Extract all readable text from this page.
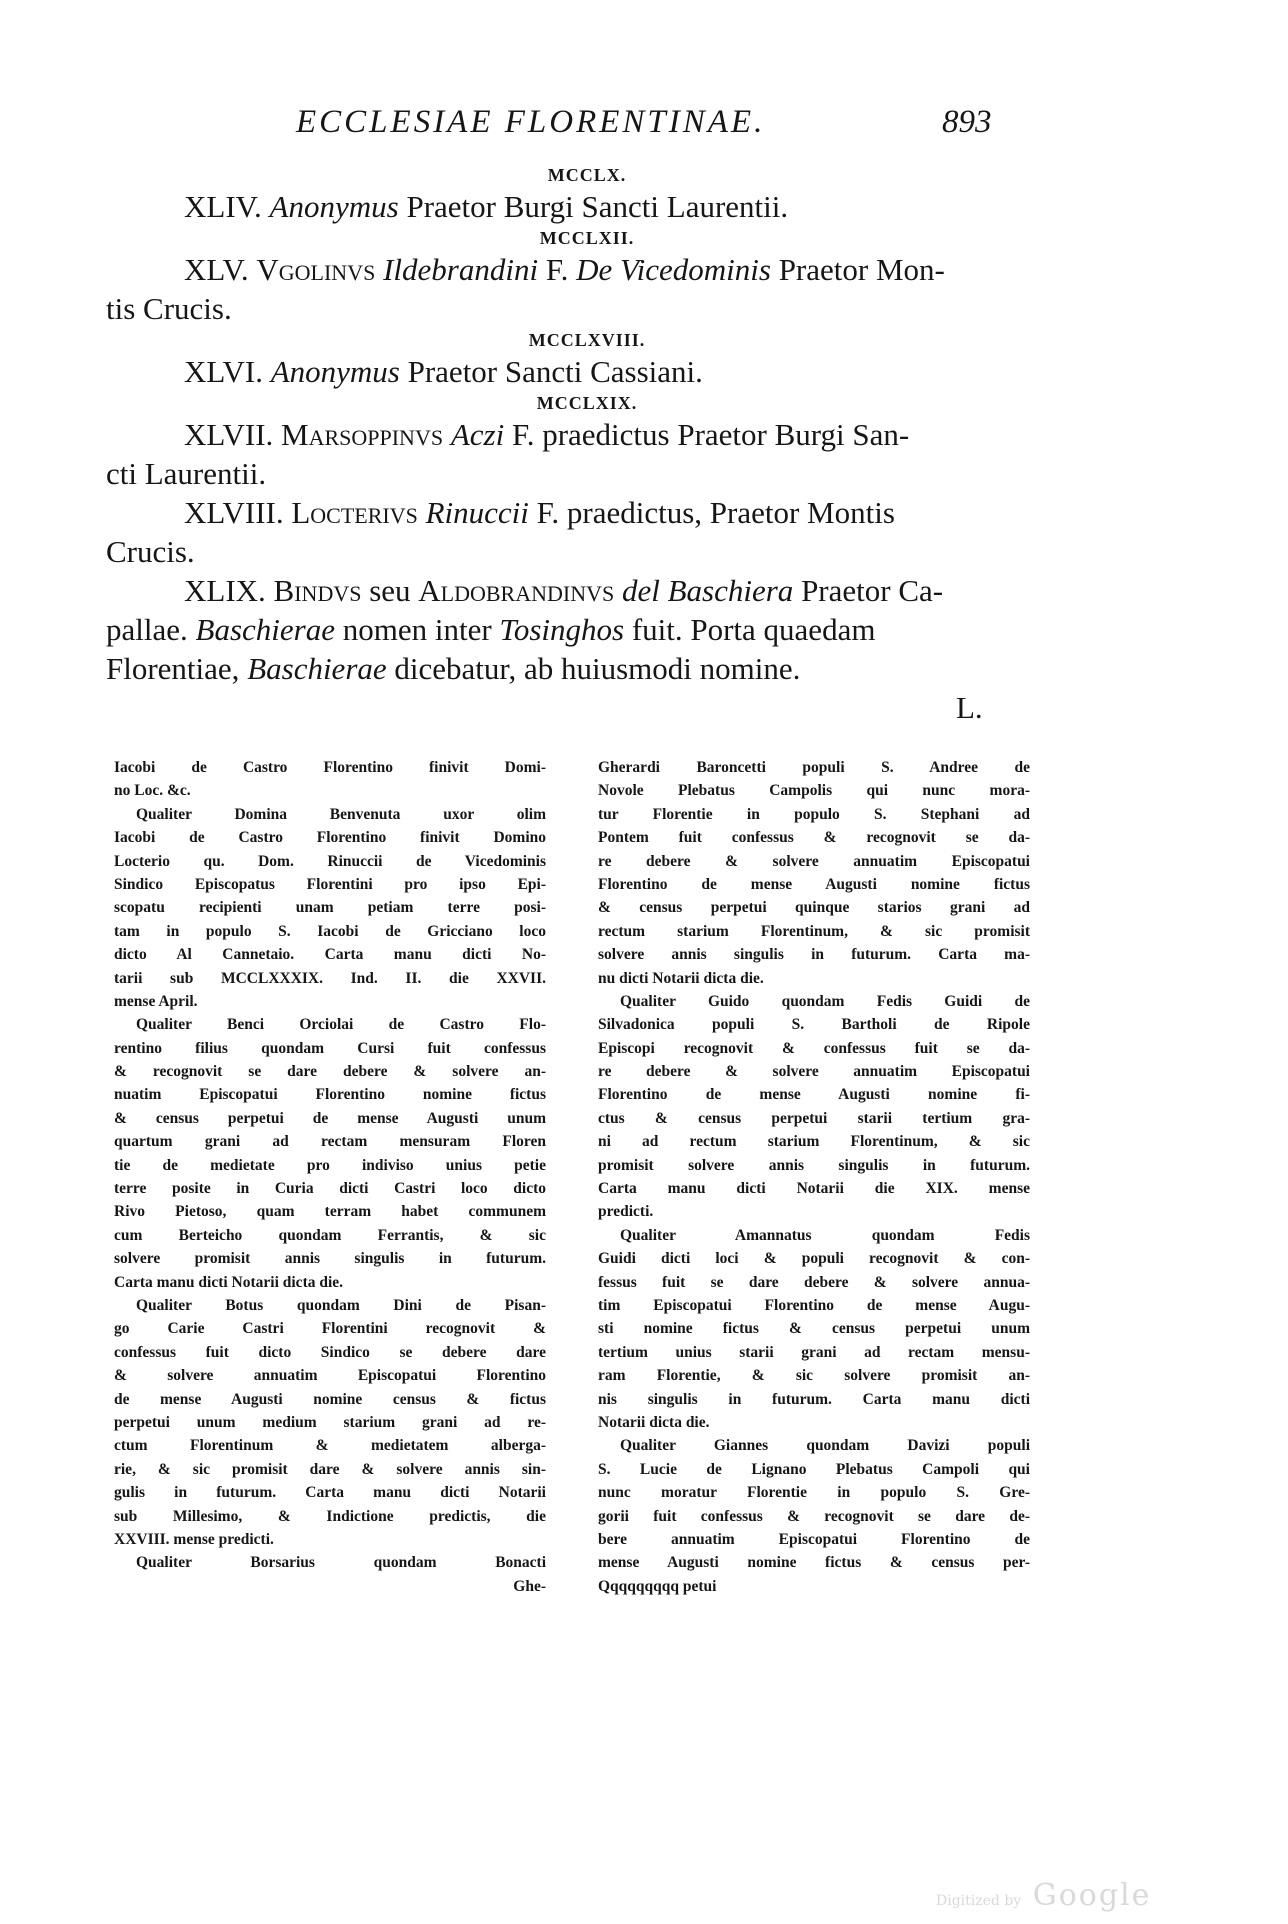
ECCLESIAE FLORENTINAE.	893
MCCLX.
XLIV. Anonymus Praetor Burgi Sancti Laurentii.
MCCLXII.
XLV. Vgolinvs Ildebrandini F. De Vicedominis Praetor Mon-
tis Crucis.
MCCLXVIII.
XLVI. Anonymus Praetor Sancti Cassiani.
MCCLXIX.
XLVII. Marsoppinvs Aczi F. praedictus Praetor Burgi San-
cti Laurentii.
XLVIII. Locterivs Rinuccii F. praedictus, Praetor Montis
Crucis.
XLIX. Bindvs seu Aldobrandinvs del Baschiera Praetor Ca-
pallae. Baschierae nomen inter Tosinghos fuit. Porta quaedam
Florentiae, Baschierae dicebatur, ab huiusmodi nomine.
L.
Iacobi de Castro Florentino finivit Domi-
no Loc. &c.
Qualiter Domina Benvenuta uxor olim
Iacobi de Castro Florentino finivit Domino
Locterio qu. Dom. Rinuccii de Vicedominis
Sindico Episcopatus Florentini pro ipso Epi-
scopatu recipienti unam petiam terre posi-
tam in populo S. Iacobi de Gricciano loco
dicto Al Cannetaio. Carta manu dicti No-
tarii sub MCCLXXXIX. Ind. II. die XXVII.
mense April.
Qualiter Benci Orciolai de Castro Flo-
rentino filius quondam Cursi fuit confessus
& recognovit se dare debere & solvere an-
nuatim Episcopatui Florentino nomine fictus
& census perpetui de mense Augusti unum
quartum grani ad rectam mensuram Floren
tie de medietate pro indiviso unius petie
terre posite in Curia dicti Castri loco dicto
Rivo Pietoso, quam terram habet communem
cum Berteicho quondam Ferrantis, & sic
solvere promisit annis singulis in futurum.
Carta manu dicti Notarii dicta die.
Qualiter Botus quondam Dini de Pisan-
go Carie Castri Florentini recognovit &
confessus fuit dicto Sindico se debere dare
& solvere annuatim Episcopatui Florentino
de mense Augusti nomine census & fictus
perpetui unum medium starium grani ad re-
ctum Florentinum & medietatem alberga-
rie, & sic promisit dare & solvere annis sin-
gulis in futurum. Carta manu dicti Notarii
sub Millesimo, & Indictione predictis, die
XXVIII. mense predicti.
Qualiter Borsarius quondam Bonacti
Ghe-
Gherardi Baroncetti populi S. Andree de
Novole Plebatus Campolis qui nunc mora-
tur Florentie in populo S. Stephani ad
Pontem fuit confessus & recognovit se da-
re debere & solvere annuatim Episcopatui
Florentino de mense Augusti nomine fictus
& census perpetui quinque starios grani ad
rectum starium Florentinum, & sic promisit
solvere annis singulis in futurum. Carta ma-
nu dicti Notarii dicta die.
Qualiter Guido quondam Fedis Guidi de
Silvadonica populi S. Bartholi de Ripole
Episcopi recognovit & confessus fuit se da-
re debere & solvere annuatim Episcopatui
Florentino de mense Augusti nomine fi-
ctus & census perpetui starii tertium gra-
ni ad rectum starium Florentinum, & sic
promisit solvere annis singulis in futurum.
Carta manu dicti Notarii die XIX. mense
predicti.
Qualiter Amannatus quondam Fedis
Guidi dicti loci & populi recognovit & con-
fessus fuit se dare debere & solvere annua-
tim Episcopatui Florentino de mense Augu-
sti nomine fictus & census perpetui unum
tertium unius starii grani ad rectam mensu-
ram Florentie, & sic solvere promisit an-
nis singulis in futurum. Carta manu dicti
Notarii dicta die.
Qualiter Giannes quondam Davizi populi
S. Lucie de Lignano Plebatus Campoli qui
nunc moratur Florentie in populo S. Gre-
gorii fuit confessus & recognovit se dare de-
bere annuatim Episcopatui Florentino de
mense Augusti nomine fictus & census per-
Qqqqqqqqq petui
Digitized by Google
